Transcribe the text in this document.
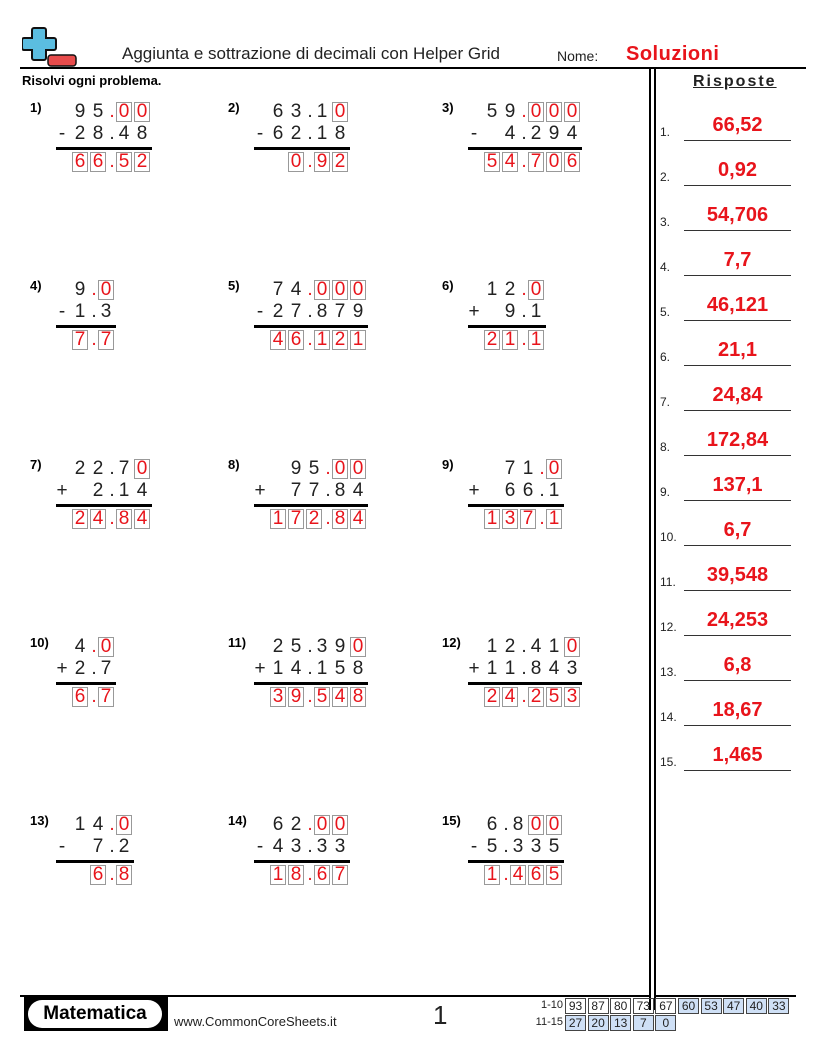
Aggiunta e sottrazione di decimali con Helper Grid	Nome: Soluzioni
Risolvi ogni problema.	Risposte
1) 9 5 . 0 0
- 2 8 . 4 8
6 6 . 5 2
2) 6 3 . 1 0
- 6 2 . 1 8
0 . 9 2
3) 5 9 . 0 0 0
- 4 . 2 9 4
5 4 . 7 0 6
4) 9 . 0
- 1 . 3
7 . 7
5) 7 4 . 0 0 0
- 2 7 . 8 7 9
4 6 . 1 2 1
6) 1 2 . 0
+ 9 . 1
2 1 . 1
7) 2 2 . 7 0
+ 2 . 1 4
2 4 . 8 4
8)	9 5 . 0 0
+ 7 7 . 8 4
1 7 2 . 8 4
9)	7 1 . 0
+ 6 6 . 1
1 3 7 . 1
10) 4 . 0
+ 2 . 7
6 . 7
11) 2 5 . 3 9 0
+ 1 4 . 1 5 8
3 9 . 5 4 8
12) 1 2 . 4 1 0
+ 1 1 . 8 4 3
2 4 . 2 5 3
13) 1 4 . 0
- 7 . 2
6 . 8
14) 6 2 . 0 0
- 4 3 . 3 3
1 8 . 6 7
15) 6 . 8 0 0
- 5 . 3 3 5
1 . 4 6 5
1.	66,52
2.	0,92
3.	54,706
4.	7,7
5.	46,121
6.	21,1
7.	24,84
8.	172,84
9.	137,1
10.	6,7
11.	39,548
12.	24,253
13.	6,8
14.	18,67
15.	1,465
Matematica	www.CommonCoreSheets.it	1	1-10 93 87 80 73 67 60 53 47 40 33
11-15 27 20 13	7	0
